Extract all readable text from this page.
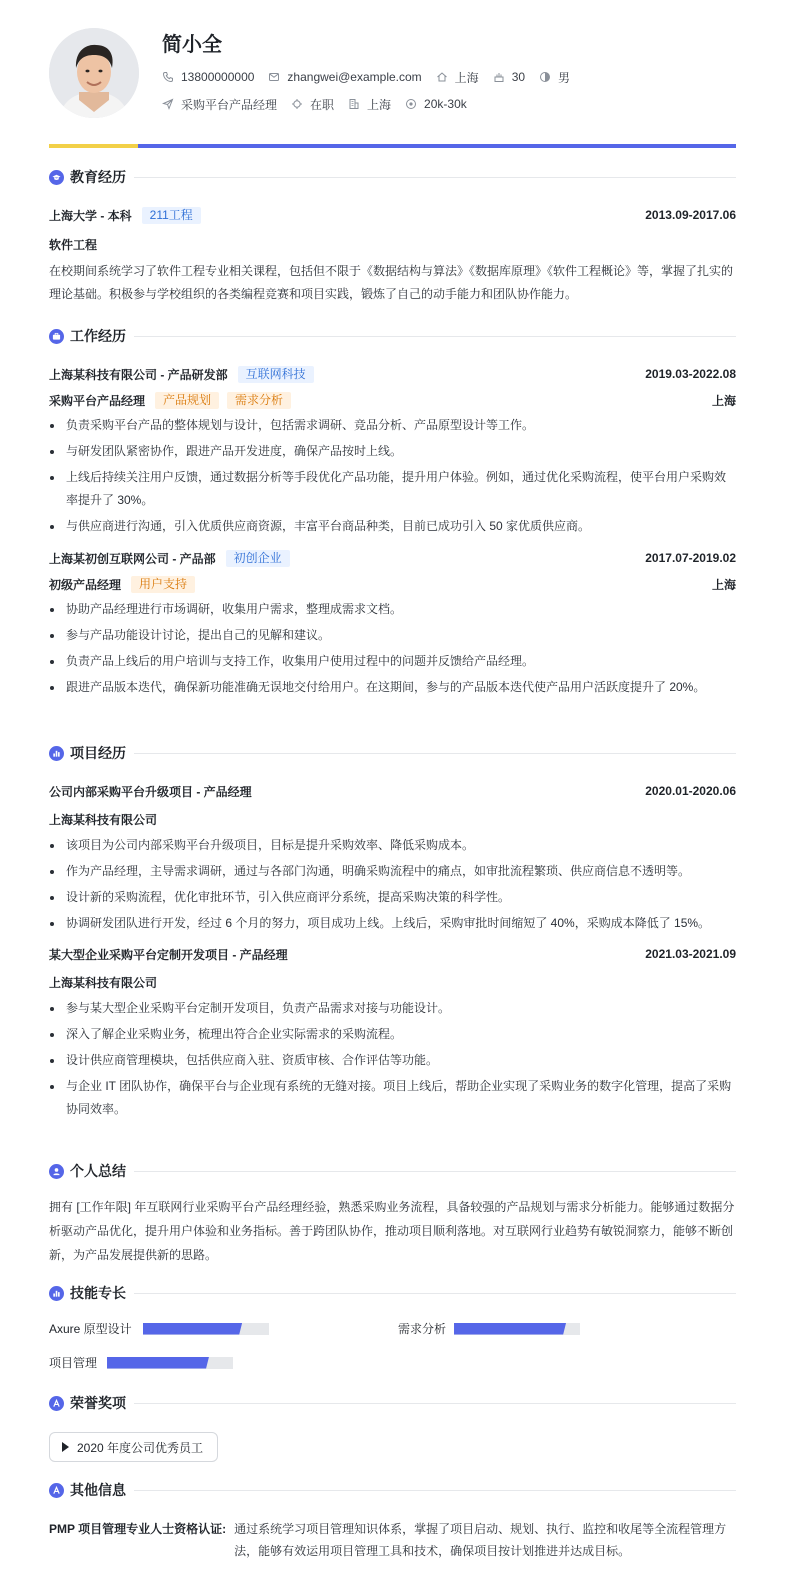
简小全
13800000000	zhangwei@example.com	上海	30	男
采购平台产品经理	在职	上海	20k-30k
教育经历
上海大学 - 本科	211工程	2013.09-2017.06
软件工程
在校期间系统学习了软件工程专业相关课程，包括但不限于《数据结构与算法》《数据库原理》《软件工程概论》等，掌握了扎实的理论基础。积极参与学校组织的各类编程竞赛和项目实践，锻炼了自己的动手能力和团队协作能力。
工作经历
上海某科技有限公司 - 产品研发部	互联网科技	2019.03-2022.08
采购平台产品经理	产品规划	需求分析	上海
负责采购平台产品的整体规划与设计，包括需求调研、竞品分析、产品原型设计等工作。
与研发团队紧密协作，跟进产品开发进度，确保产品按时上线。
上线后持续关注用户反馈，通过数据分析等手段优化产品功能，提升用户体验。例如，通过优化采购流程，使平台用户采购效率提升了 30%。
与供应商进行沟通，引入优质供应商资源，丰富平台商品种类，目前已成功引入 50 家优质供应商。
上海某初创互联网公司 - 产品部	初创企业	2017.07-2019.02
初级产品经理	用户支持	上海
协助产品经理进行市场调研，收集用户需求，整理成需求文档。
参与产品功能设计讨论，提出自己的见解和建议。
负责产品上线后的用户培训与支持工作，收集用户使用过程中的问题并反馈给产品经理。
跟进产品版本迭代，确保新功能准确无误地交付给用户。在这期间，参与的产品版本迭代使产品用户活跃度提升了 20%。
项目经历
公司内部采购平台升级项目 - 产品经理	2020.01-2020.06
上海某科技有限公司
该项目为公司内部采购平台升级项目，目标是提升采购效率、降低采购成本。
作为产品经理，主导需求调研，通过与各部门沟通，明确采购流程中的痛点，如审批流程繁琐、供应商信息不透明等。
设计新的采购流程，优化审批环节，引入供应商评分系统，提高采购决策的科学性。
协调研发团队进行开发，经过 6 个月的努力，项目成功上线。上线后，采购审批时间缩短了 40%，采购成本降低了 15%。
某大型企业采购平台定制开发项目 - 产品经理	2021.03-2021.09
上海某科技有限公司
参与某大型企业采购平台定制开发项目，负责产品需求对接与功能设计。
深入了解企业采购业务，梳理出符合企业实际需求的采购流程。
设计供应商管理模块，包括供应商入驻、资质审核、合作评估等功能。
与企业 IT 团队协作，确保平台与企业现有系统的无缝对接。项目上线后，帮助企业实现了采购业务的数字化管理，提高了采购协同效率。
个人总结
拥有 [工作年限] 年互联网行业采购平台产品经理经验，熟悉采购业务流程，具备较强的产品规划与需求分析能力。能够通过数据分析驱动产品优化，提升用户体验和业务指标。善于跨团队协作，推动项目顺利落地。对互联网行业趋势有敏锐洞察力，能够不断创新，为产品发展提供新的思路。
技能专长
Axure 原型设计	需求分析
项目管理
荣誉奖项
2020 年度公司优秀员工
其他信息
PMP 项目管理专业人士资格认证: 通过系统学习项目管理知识体系，掌握了项目启动、规划、执行、监控和收尾等全流程管理方法，能够有效运用项目管理工具和技术，确保项目按计划推进并达成目标。
